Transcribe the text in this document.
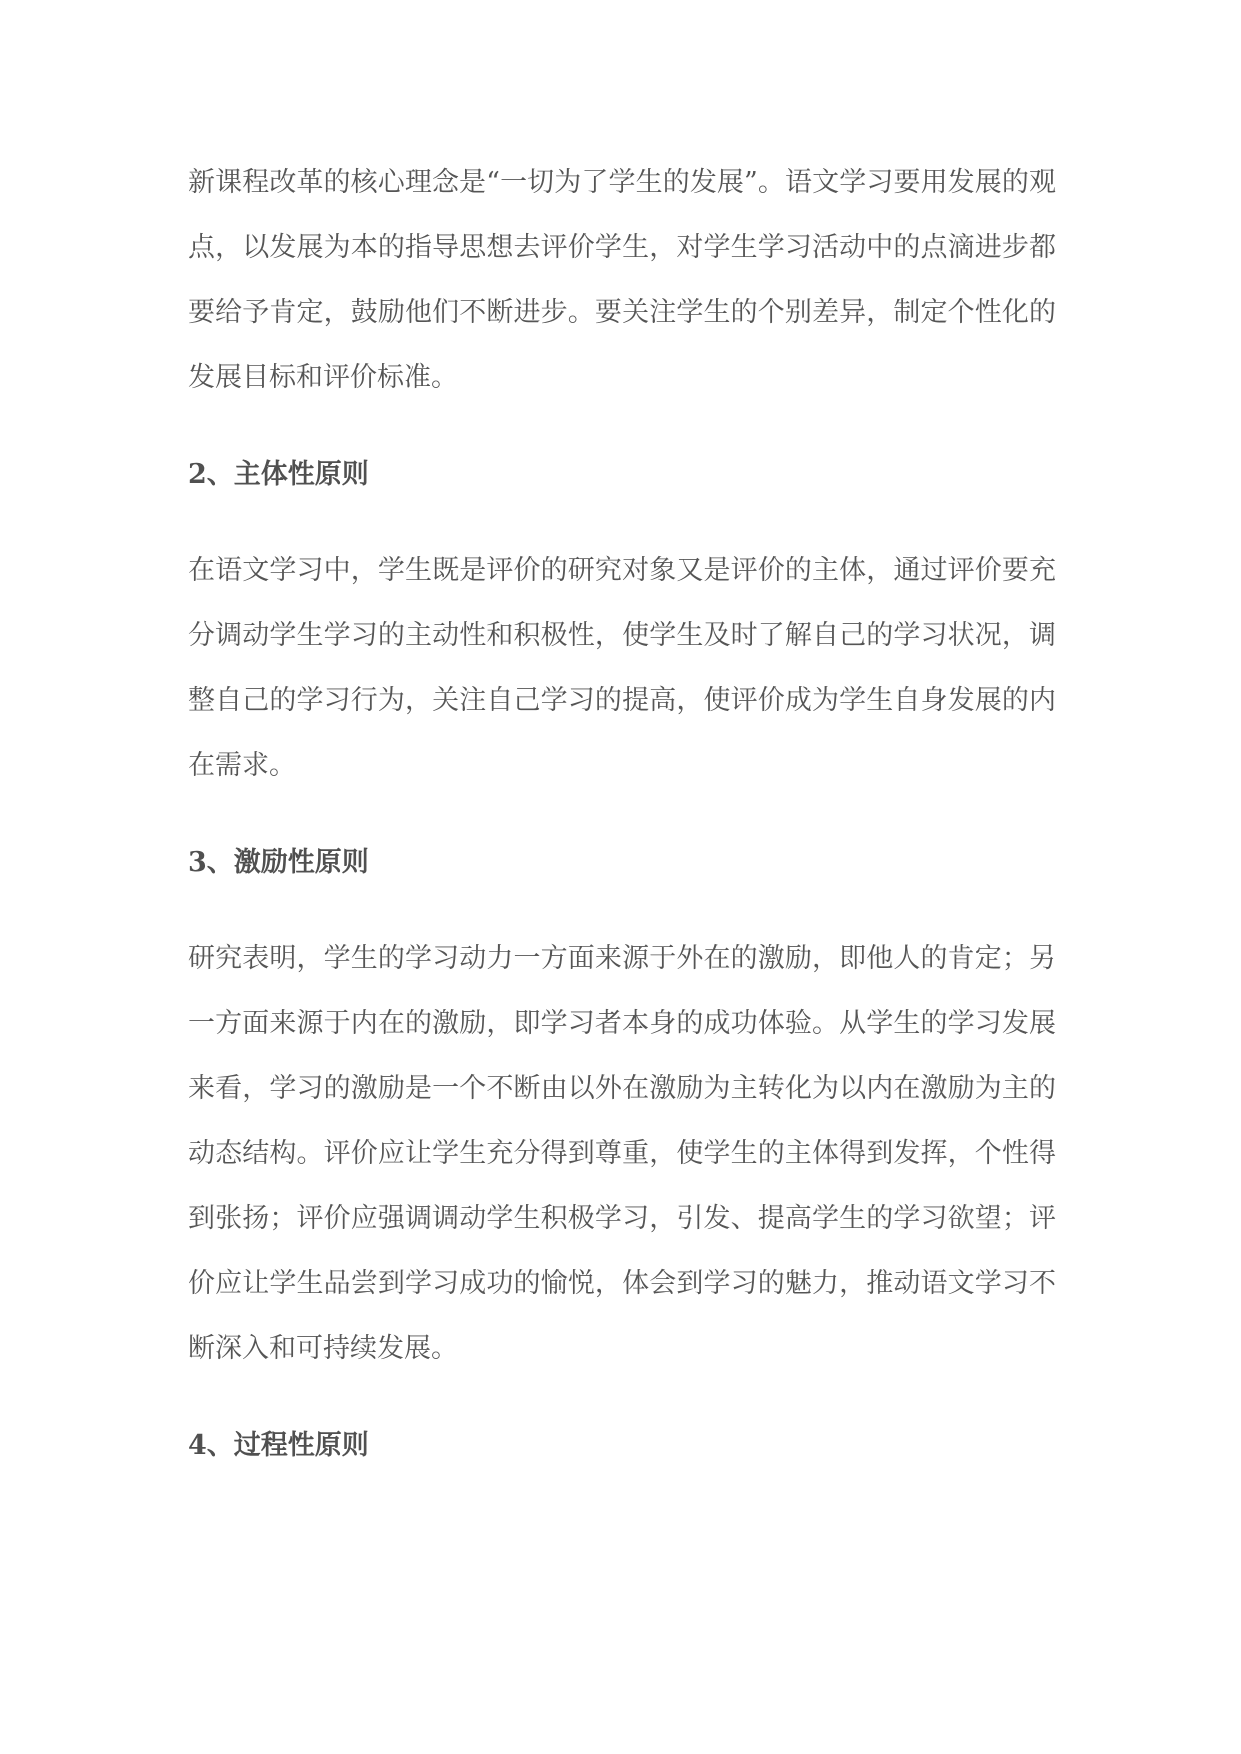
新课程改革的核心理念是“一切为了学生的发展”。语文学习要用发展的观点，以发展为本的指导思想去评价学生，对学生学习活动中的点滴进步都要给予肯定，鼓励他们不断进步。要关注学生的个别差异，制定个性化的发展目标和评价标准。

2、主体性原则

在语文学习中，学生既是评价的研究对象又是评价的主体，通过评价要充分调动学生学习的主动性和积极性，使学生及时了解自己的学习状况，调整自己的学习行为，关注自己学习的提高，使评价成为学生自身发展的内在需求。

3、激励性原则

研究表明，学生的学习动力一方面来源于外在的激励，即他人的肯定；另一方面来源于内在的激励，即学习者本身的成功体验。从学生的学习发展来看，学习的激励是一个不断由以外在激励为主转化为以内在激励为主的动态结构。评价应让学生充分得到尊重，使学生的主体得到发挥，个性得到张扬；评价应强调调动学生积极学习，引发、提高学生的学习欲望；评价应让学生品尝到学习成功的愉悦，体会到学习的魅力，推动语文学习不断深入和可持续发展。

4、过程性原则
